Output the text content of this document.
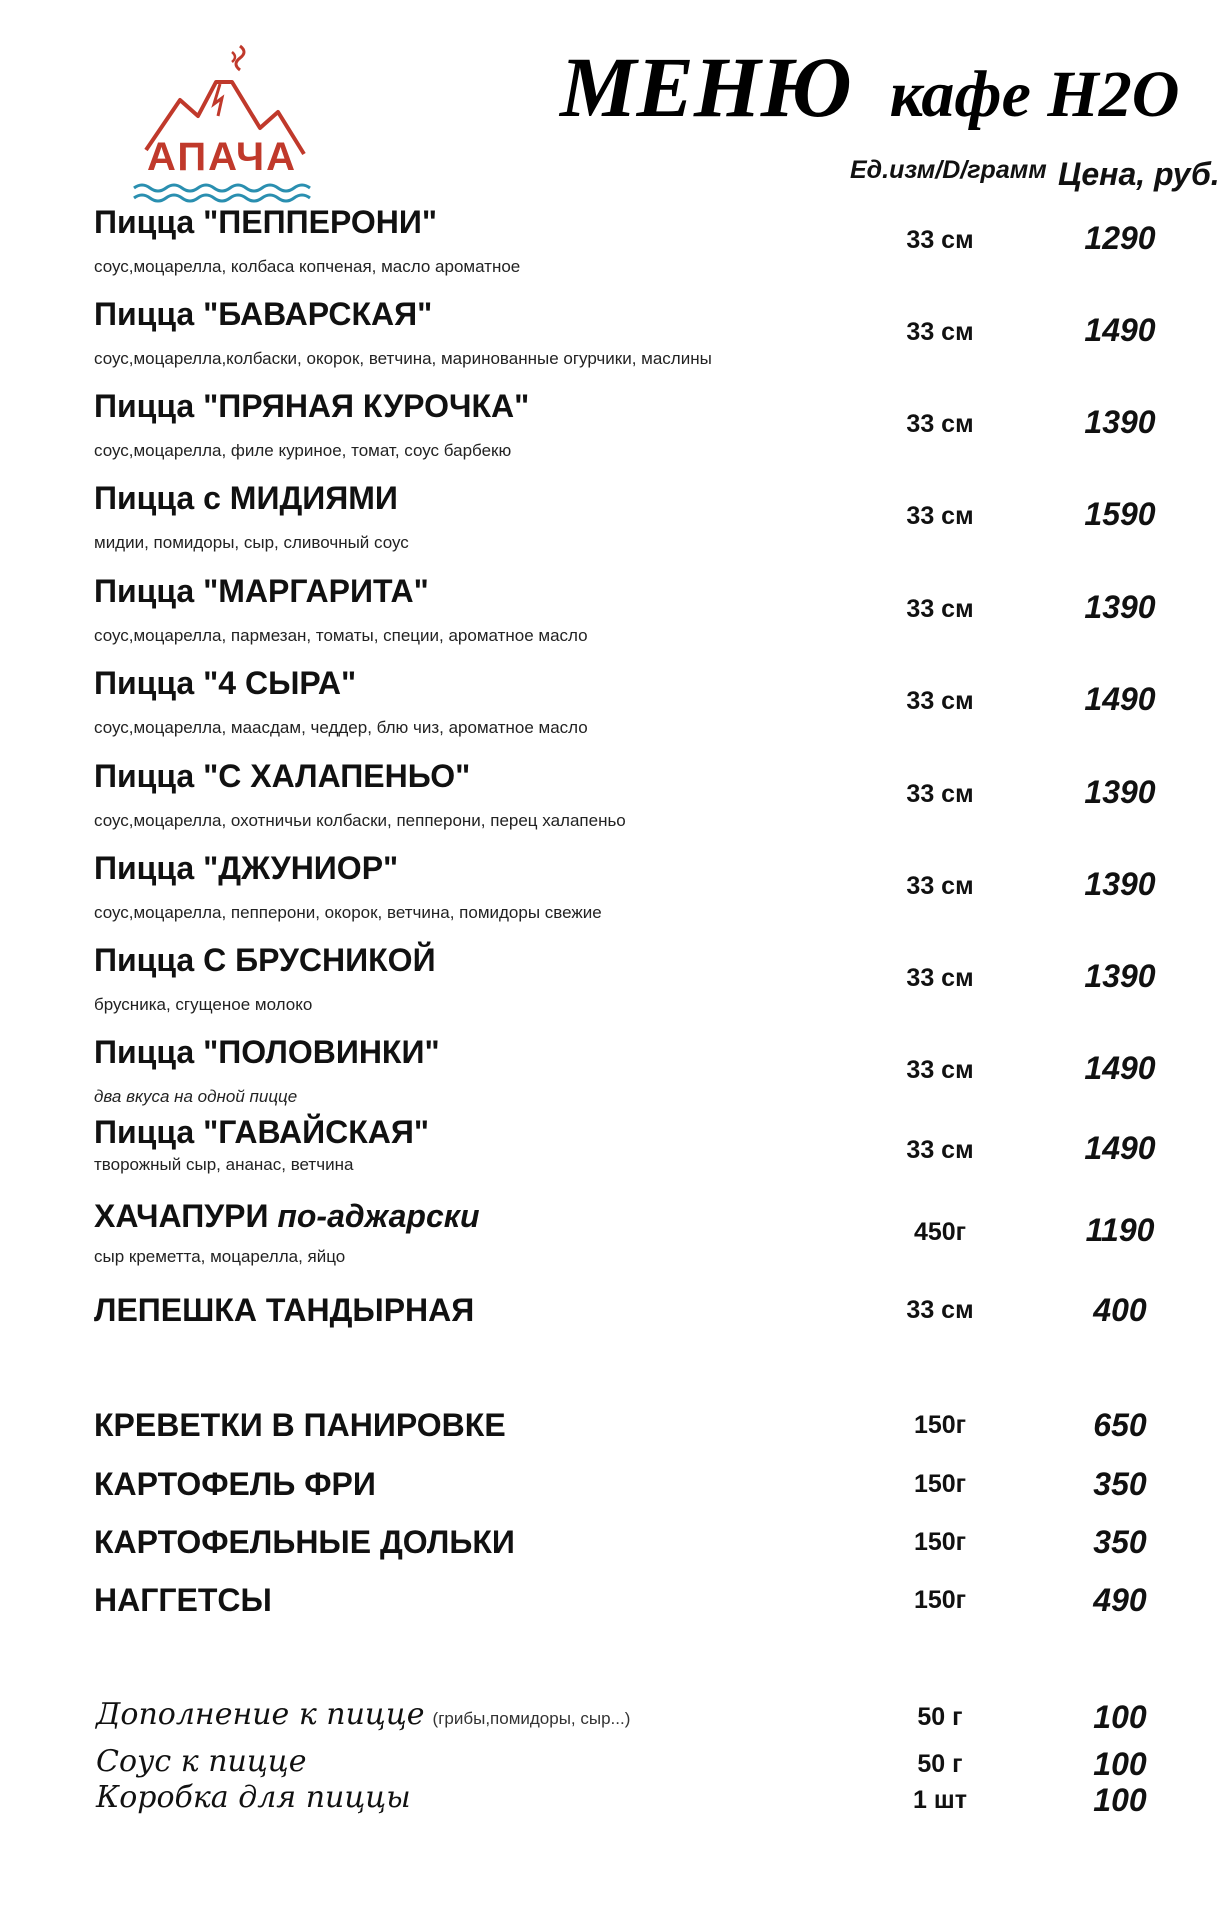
АПАЧА
МЕНЮ кафе H2O
Ед.изм/D/грамм Цена, руб.
Пицца "ПЕППЕРОНИ"
соус,моцарелла, колбаса копченая, масло ароматное
33 см	1290
Пицца "БАВАРСКАЯ"
соус,моцарелла,колбаски, окорок, ветчина, маринованные огурчики, маслины
33 см	1490
Пицца "ПРЯНАЯ КУРОЧКА"
соус,моцарелла, филе куриное, томат, соус барбекю
33 см	1390
Пицца с МИДИЯМИ
мидии, помидоры, сыр, сливочный соус
33 см	1590
Пицца "МАРГАРИТА"
соус,моцарелла, пармезан, томаты, специи, ароматное масло
33 см	1390
Пицца "4 СЫРА"
соус,моцарелла, маасдам, чеддер, блю чиз, ароматное масло
33 см	1490
Пицца "С ХАЛАПЕНЬО"
соус,моцарелла, охотничьи колбаски, пепперони, перец халапеньо
33 см	1390
Пицца "ДЖУНИОР"
соус,моцарелла, пепперони, окорок, ветчина, помидоры свежие
33 см	1390
Пицца С БРУСНИКОЙ
брусника, сгущеное молоко
33 см	1390
Пицца "ПОЛОВИНКИ"
два вкуса на одной пицце
33 см	1490
Пицца "ГАВАЙСКАЯ"
творожный сыр, ананас, ветчина
33 см	1490
ХАЧАПУРИ по-аджарски
сыр креметта, моцарелла, яйцо
450г	1190
ЛЕПЕШКА ТАНДЫРНАЯ	33 см	400
КРЕВЕТКИ В ПАНИРОВКЕ	150г	650
КАРТОФЕЛЬ ФРИ	150г	350
КАРТОФЕЛЬНЫЕ ДОЛЬКИ	150г	350
НАГГЕТСЫ	150г	490
Дополнение к пицце (грибы,помидоры, сыр...)	50 г	100
Соус к пицце	50 г	100
Коробка для пиццы	1 шт	100
